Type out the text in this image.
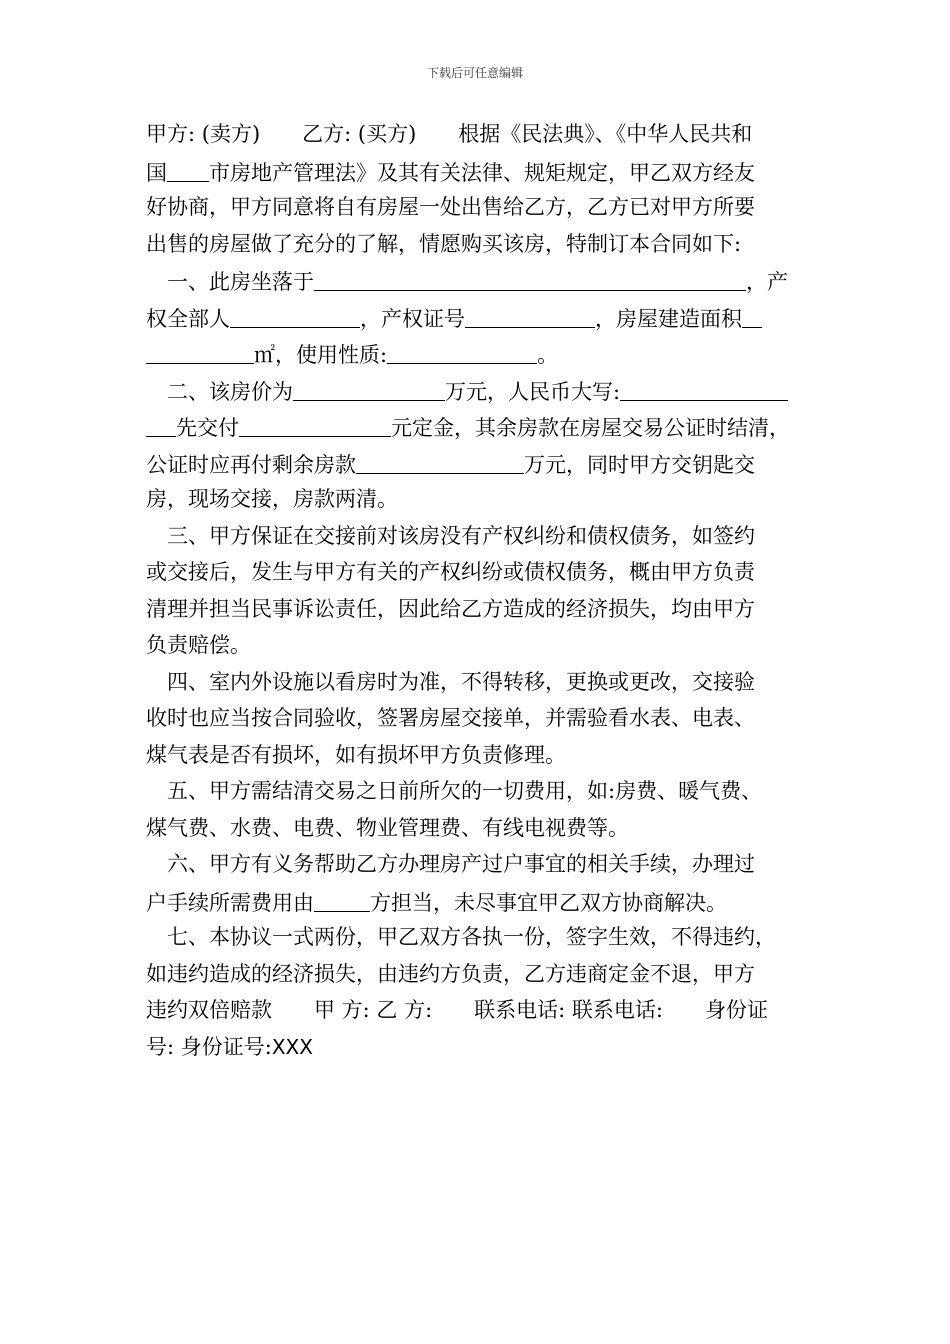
下载后可任意编辑
甲方: (卖方)　　乙方: (买方)　　根据《民法典》、《中华人民共和
国 市房地产管理法》及其有关法律、规矩规定，甲乙双方经友
好协商，甲方同意将自有房屋一处出售给乙方，乙方已对甲方所要
出售的房屋做了充分的了解，情愿购买该房，特制订本合同如下:
一、此房坐落于	，产
权全部人	，产权证号	，房屋建造面积
㎡，使用性质:	。
二、该房价为	万元，人民币大写:
先交付	元定金，其余房款在房屋交易公证时结清，
公证时应再付剩余房款	万元，同时甲方交钥匙交
房，现场交接，房款两清。
三、甲方保证在交接前对该房没有产权纠纷和债权债务，如签约
或交接后，发生与甲方有关的产权纠纷或债权债务，概由甲方负责
清理并担当民事诉讼责任，因此给乙方造成的经济损失，均由甲方
负责赔偿。
四、室内外设施以看房时为准，不得转移，更换或更改，交接验
收时也应当按合同验收，签署房屋交接单，并需验看水表、电表、
煤气表是否有损坏，如有损坏甲方负责修理。
五、甲方需结清交易之日前所欠的一切费用，如:房费、暖气费、
煤气费、水费、电费、物业管理费、有线电视费等。
六、甲方有义务帮助乙方办理房产过户事宜的相关手续，办理过
户手续所需费用由	方担当，未尽事宜甲乙双方协商解决。
七、本协议一式两份，甲乙双方各执一份，签字生效，不得违约，
如违约造成的经济损失，由违约方负责，乙方违商定金不退，甲方
违约双倍赔款　　甲 方: 乙 方:　　联系电话: 联系电话:　　身份证
号: 身份证号:XXX
